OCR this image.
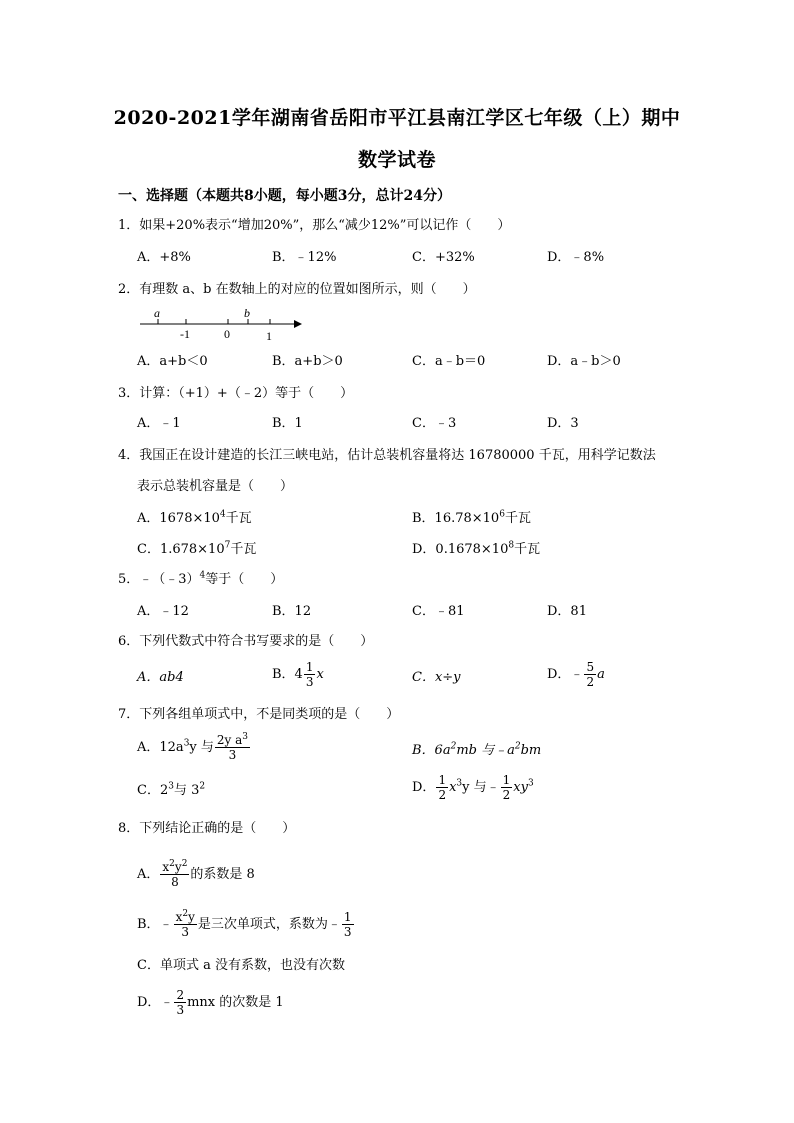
2020-2021学年湖南省岳阳市平江县南江学区七年级（上）期中
数学试卷
一、选择题（本题共8小题，每小题3分，总计24分）
1．如果+20%表示“增加20%”，那么“减少12%”可以记作（　　）
A．+8%	B．﹣12%	C．+32%	D．﹣8%
2．有理数 a、b 在数轴上的对应的位置如图所示，则（　　）
a	b
-1	0	1
A．a+b＜0	B．a+b＞0	C．a﹣b＝0	D．a﹣b＞0
3．计算：（+1）+（﹣2）等于（　　）
A．﹣1	B．1	C．﹣3	D．3
4．我国正在设计建造的长江三峡电站，估计总装机容量将达 16780000 千瓦，用科学记数法
表示总装机容量是（　　）
A．$1678\times 10^4$千瓦	B．$16.78\times 10^6$千瓦
C．$1.678\times 10^7$千瓦	D．$0.1678\times 10^8$千瓦
5．﹣（﹣3）$^4$等于（　　）
A．﹣12	B．12	C．﹣81	D．81
6．下列代数式中符合书写要求的是（　　）
A．ab4	B．$4 \frac{1}{3}$ x	C．x÷y	D．﹣ $\frac{5}{2}$ a
7．下列各组单项式中，不是同类项的是（　　）
A．$12a^3y$ 与 $\frac{2y a^3}{3}$	B．$6a^2mb$ 与$﹣a^2bm$
C．$2^3$与 $3^2$	D． $\frac{1}{2} x^3y$ 与﹣ $\frac{1}{2} xy^3$
8．下列结论正确的是（　　）
A． $\frac{x^2y^2}{8}$ 的系数是 8
B．﹣ $\frac{x^2y}{3}$ 是三次单项式，系数为﹣ $\frac{1}{3}$
C．单项式 a 没有系数，也没有次数
D．﹣ $\frac{2}{3}$ mnx 的次数是 1
